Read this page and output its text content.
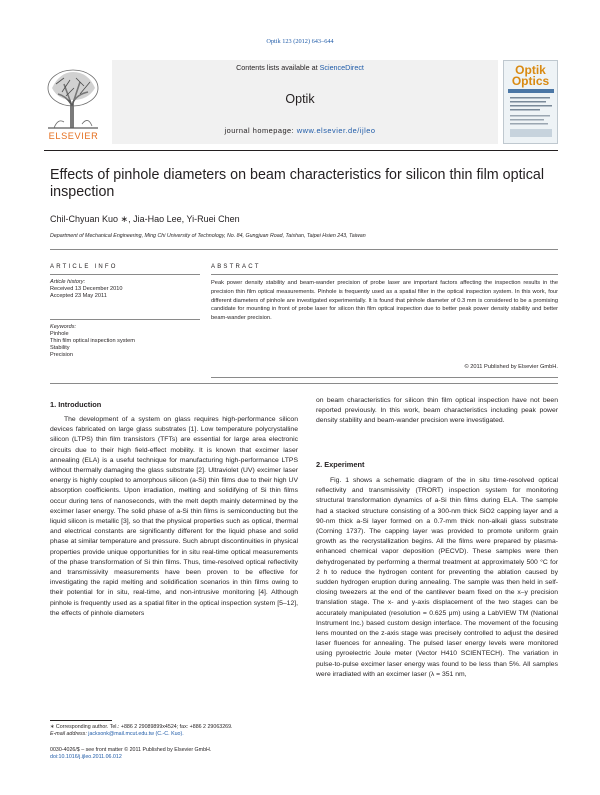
Optik 123 (2012) 643–644
ELSEVIER
Contents lists available at ScienceDirect
Optik
journal homepage: www.elsevier.de/ijleo
Optik
Optics
Effects of pinhole diameters on beam characteristics for silicon thin film optical inspection
Chil-Chyuan Kuo ∗, Jia-Hao Lee, Yi-Ruei Chen
Department of Mechanical Engineering, Ming Chi University of Technology, No. 84, Gungjuan Road, Taishan, Taipei Hsien 243, Taiwan
ARTICLE INFO	ABSTRACT
Article history:
Received 13 December 2010
Accepted 23 May 2011
Keywords:
Pinhole
Thin film optical inspection system
Stability
Precision
Peak power density stability and beam-wander precision of probe laser are important factors affecting the inspection results in the precision thin film optical measurements. Pinhole is frequently used as a spatial filter in the optical inspection system. In this work, four different diameters of pinhole are investigated experimentally. It is found that pinhole diameter of 0.3 mm is considered to be a promising candidate for mounting in front of probe laser for silicon thin film optical inspection due to better peak power density stability and better beam-wander precision.
© 2011 Published by Elsevier GmbH.
1. Introduction

The development of a system on glass requires high-performance silicon devices fabricated on large glass substrates [1]. Low temperature polycrystalline silicon (LTPS) thin film transistors (TFTs) are essential for large area electronic circuits due to their high field-effect mobility. It is known that excimer laser annealing (ELA) is a useful technique for manufacturing high-performance LTPS without thermally damaging the glass substrate [2]. Ultraviolet (UV) excimer laser energy is highly coupled to amorphous silicon (a-Si) thin films due to their high UV absorption coefficients. Upon irradiation, melting and solidifying of Si thin films occur during tens of nanoseconds, with the melt depth mainly determined by the excimer laser energy. The solid phase of a-Si thin films is semiconducting but the liquid silicon is metallic [3], so that the physical properties such as optical, thermal and electrical constants are significantly different for the liquid phase and solid phase at similar temperature and pressure. Such abrupt discontinuities in physical properties provide unique opportunities for in situ real-time optical measurements of the phase transformation of Si thin films. Thus, time-resolved optical reflectivity and transmissivity measurements have been proven to be effective for investigating the rapid melting and solidification scenarios in thin films owing to their potential for in situ, real-time, and non-intrusive monitoring [4]. Although pinhole is frequently used as a spatial filter in the optical inspection system [5–12], the effects of pinhole diameters

on beam characteristics for silicon thin film optical inspection have not been reported previously. In this work, beam characteristics including peak power density stability and beam-wander precision were investigated.

2. Experiment

Fig. 1 shows a schematic diagram of the in situ time-resolved optical reflectivity and transmissivity (TRORT) inspection system for monitoring structural transformation dynamics of a-Si thin films during ELA. The sample had a stacked structure consisting of a 300-nm thick SiO2 capping layer and a 90-nm thick a-Si layer formed on a 0.7-mm thick non-alkali glass substrate (Corning 1737). The capping layer was provided to promote uniform grain growth as the recrystallization begins. All the films were prepared by plasma-enhanced chemical vapor deposition (PECVD). These samples were then dehydrogenated by performing a thermal treatment at approximately 500 °C for 2 h to reduce the hydrogen content for preventing the ablation caused by sudden hydrogen eruption during annealing. The sample was then held in self-closing tweezers at the end of the cantilever beam fixed on the x–y precision translation stage. The x- and y-axis displacement of the two stages can be accurately manipulated (resolution = 0.625 μm) using a LabVIEW TM (National Instrument Inc.) based custom design interface. The movement of the focusing lens mounted on the z-axis stage was precisely controlled to adjust the desired laser fluences for annealing. The pulsed laser energy levels were monitored using pyroelectric Joule meter (Vector H410 SCIENTECH). The variation in pulse-to-pulse excimer laser energy was found to be less than 5%. All samples were irradiated with an excimer laser (λ = 351 nm,

∗ Corresponding author. Tel.: +886 2 29089899x4524; fax: +886 2 29063269.
E-mail address: jacksonk@mail.mcut.edu.tw (C.-C. Kuo).
0030-4026/$ – see front matter © 2011 Published by Elsevier GmbH.
doi:10.1016/j.ijleo.2011.06.012
